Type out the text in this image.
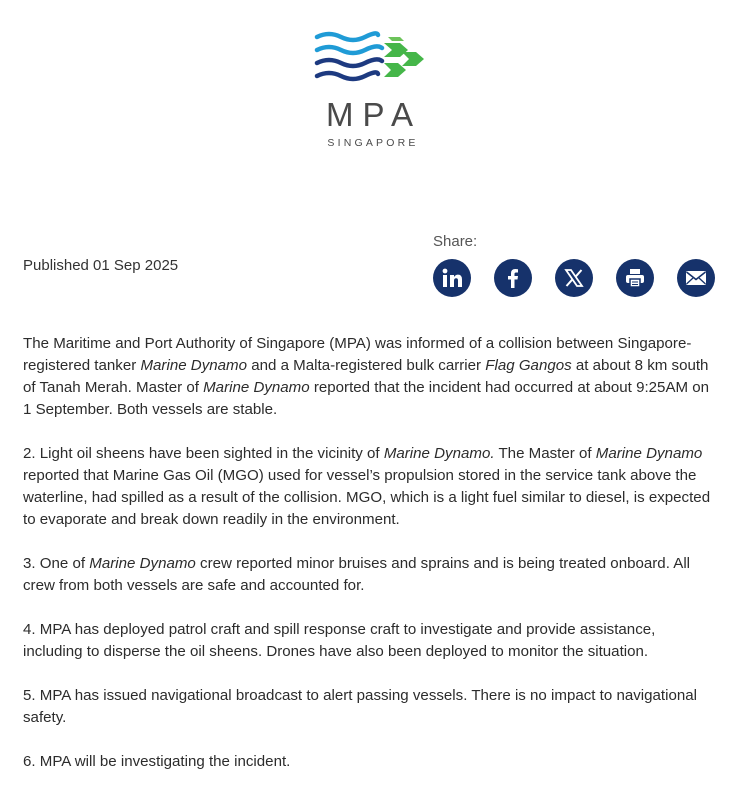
MPA
SINGAPORE
Published 01 Sep 2025
Share:

The Maritime and Port Authority of Singapore (MPA) was informed of a collision between Singapore-registered tanker Marine Dynamo and a Malta-registered bulk carrier Flag Gangos at about 8 km south of Tanah Merah. Master of Marine Dynamo reported that the incident had occurred at about 9:25AM on 1 September. Both vessels are stable.

2. Light oil sheens have been sighted in the vicinity of Marine Dynamo. The Master of Marine Dynamo reported that Marine Gas Oil (MGO) used for vessel’s propulsion stored in the service tank above the waterline, had spilled as a result of the collision. MGO, which is a light fuel similar to diesel, is expected to evaporate and break down readily in the environment.

3. One of Marine Dynamo crew reported minor bruises and sprains and is being treated onboard. All crew from both vessels are safe and accounted for.

4. MPA has deployed patrol craft and spill response craft to investigate and provide assistance, including to disperse the oil sheens. Drones have also been deployed to monitor the situation.

5. MPA has issued navigational broadcast to alert passing vessels. There is no impact to navigational safety.

6. MPA will be investigating the incident.
